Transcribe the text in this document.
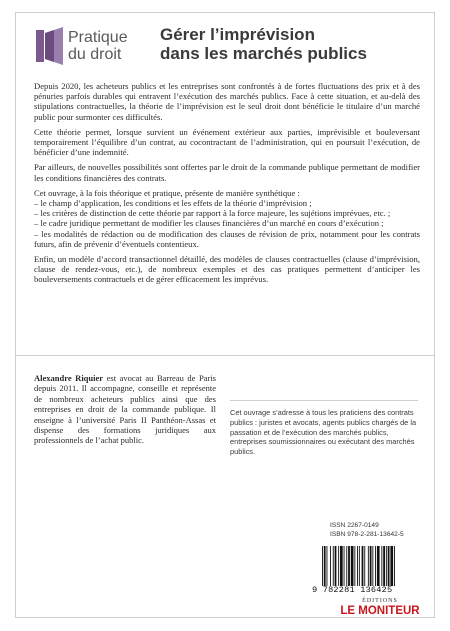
Pratique
du droit
Gérer l’imprévision
dans les marchés publics

Depuis 2020, les acheteurs publics et les entreprises sont confrontés à de fortes fluctuations des prix et à des pénuries parfois durables qui entravent l’exécution des marchés publics. Face à cette situation, et au-delà des stipulations contractuelles, la théorie de l’imprévision est le seul droit dont bénéficie le titulaire d’un marché public pour surmonter ces difficultés.

Cette théorie permet, lorsque survient un événement extérieur aux parties, imprévisible et bouleversant temporairement l’équilibre d’un contrat, au cocontractant de l’administration, qui en poursuit l’exécution, de bénéficier d’une indemnité.

Par ailleurs, de nouvelles possibilités sont offertes par le droit de la commande publique permettant de modifier les conditions financières des contrats.

Cet ouvrage, à la fois théorique et pratique, présente de manière synthétique :

– le champ d’application, les conditions et les effets de la théorie d’imprévision ;
– les critères de distinction de cette théorie par rapport à la force majeure, les sujétions imprévues, etc. ;
– le cadre juridique permettant de modifier les clauses financières d’un marché en cours d’exécution ;
– les modalités de rédaction ou de modification des clauses de révision de prix, notamment pour les contrats futurs, afin de prévenir d’éventuels contentieux.

Enfin, un modèle d’accord transactionnel détaillé, des modèles de clauses contractuelles (clause d’imprévision, clause de rendez-vous, etc.), de nombreux exemples et des cas pratiques permettent d’anticiper les bouleversements contractuels et de gérer efficacement les imprévus.

Alexandre Riquier est avocat au Barreau de Paris depuis 2011. Il accompagne, conseille et représente de nombreux acheteurs publics ainsi que des entreprises en droit de la commande publique. Il enseigne à l’université Paris II Panthéon-Assas et dispense des formations juridiques aux professionnels de l’achat public.
Cet ouvrage s’adresse à tous les praticiens des contrats publics : juristes et avocats, agents publics chargés de la passation et de l’exécution des marchés publics, entreprises soumissionnaires ou exécutant des marchés publics.
ISSN 2267-0149
ISBN 978-2-281-13642-5
9 782281 136425
ÉDITIONS
LE MONITEUR
